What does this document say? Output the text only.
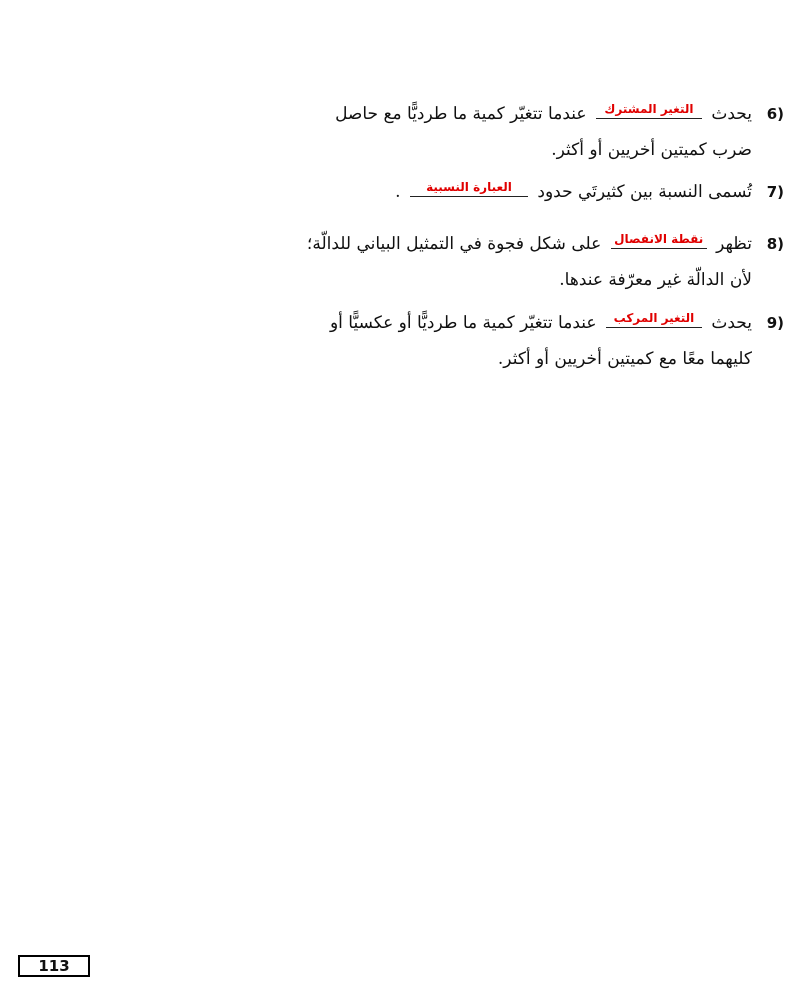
6)
يحدث
التغير المشترك
عندما تتغيّر كمية ما طرديًّا مع حاصل
ضرب كميتين أخريين أو أكثر.
7)
تُسمى النسبة بين كثيرتَي حدود
العبارة النسبية
.
8)
تظهر
نقطة الانفصال
على شكل فجوة في التمثيل البياني للدالّة؛
لأن الدالّة غير معرّفة عندها.
9)
يحدث
التغير المركب
عندما تتغيّر كمية ما طرديًّا أو عكسيًّا أو
كليهما معًا مع كميتين أخريين أو أكثر.
113
